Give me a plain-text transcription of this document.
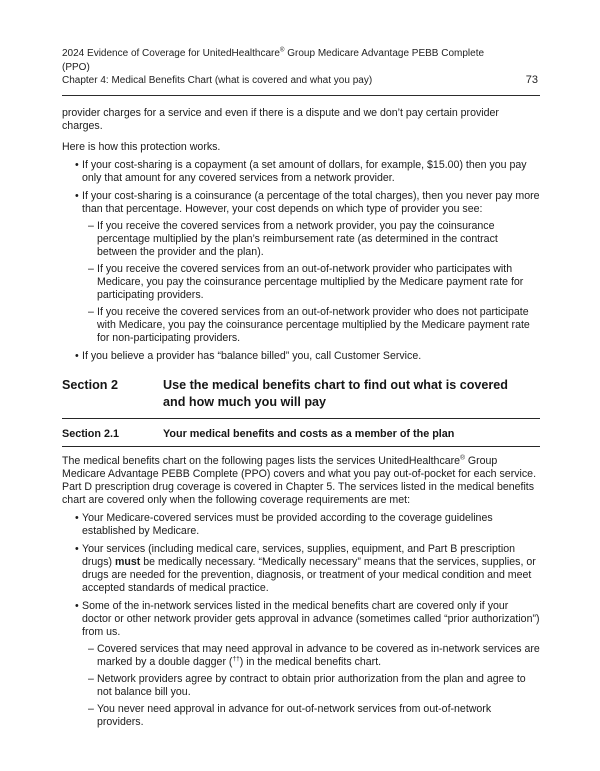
2024 Evidence of Coverage for UnitedHealthcare® Group Medicare Advantage PEBB Complete
(PPO)
Chapter 4: Medical Benefits Chart (what is covered and what you pay)	73

provider charges for a service and even if there is a dispute and we don’t pay certain provider charges.

Here is how this protection works.

• If your cost-sharing is a copayment (a set amount of dollars, for example, $15.00) then you pay only that amount for any covered services from a network provider.
• If your cost-sharing is a coinsurance (a percentage of the total charges), then you never pay more than that percentage. However, your cost depends on which type of provider you see:
– If you receive the covered services from a network provider, you pay the coinsurance percentage multiplied by the plan’s reimbursement rate (as determined in the contract between the provider and the plan).
– If you receive the covered services from an out-of-network provider who participates with Medicare, you pay the coinsurance percentage multiplied by the Medicare payment rate for participating providers.
– If you receive the covered services from an out-of-network provider who does not participate with Medicare, you pay the coinsurance percentage multiplied by the Medicare payment rate for non-participating providers.
• If you believe a provider has “balance billed” you, call Customer Service.
Section 2	Use the medical benefits chart to find out what is covered
and how much you will pay
Section 2.1	Your medical benefits and costs as a member of the plan

The medical benefits chart on the following pages lists the services UnitedHealthcare® Group Medicare Advantage PEBB Complete (PPO) covers and what you pay out-of-pocket for each service. Part D prescription drug coverage is covered in Chapter 5. The services listed in the medical benefits chart are covered only when the following coverage requirements are met:

• Your Medicare-covered services must be provided according to the coverage guidelines established by Medicare.
• Your services (including medical care, services, supplies, equipment, and Part B prescription drugs) must be medically necessary. “Medically necessary” means that the services, supplies, or drugs are needed for the prevention, diagnosis, or treatment of your medical condition and meet accepted standards of medical practice.
• Some of the in-network services listed in the medical benefits chart are covered only if your doctor or other network provider gets approval in advance (sometimes called “prior authorization”) from us.
– Covered services that may need approval in advance to be covered as in-network services are marked by a double dagger (††) in the medical benefits chart.
– Network providers agree by contract to obtain prior authorization from the plan and agree to not balance bill you.
– You never need approval in advance for out-of-network services from out-of-network providers.
